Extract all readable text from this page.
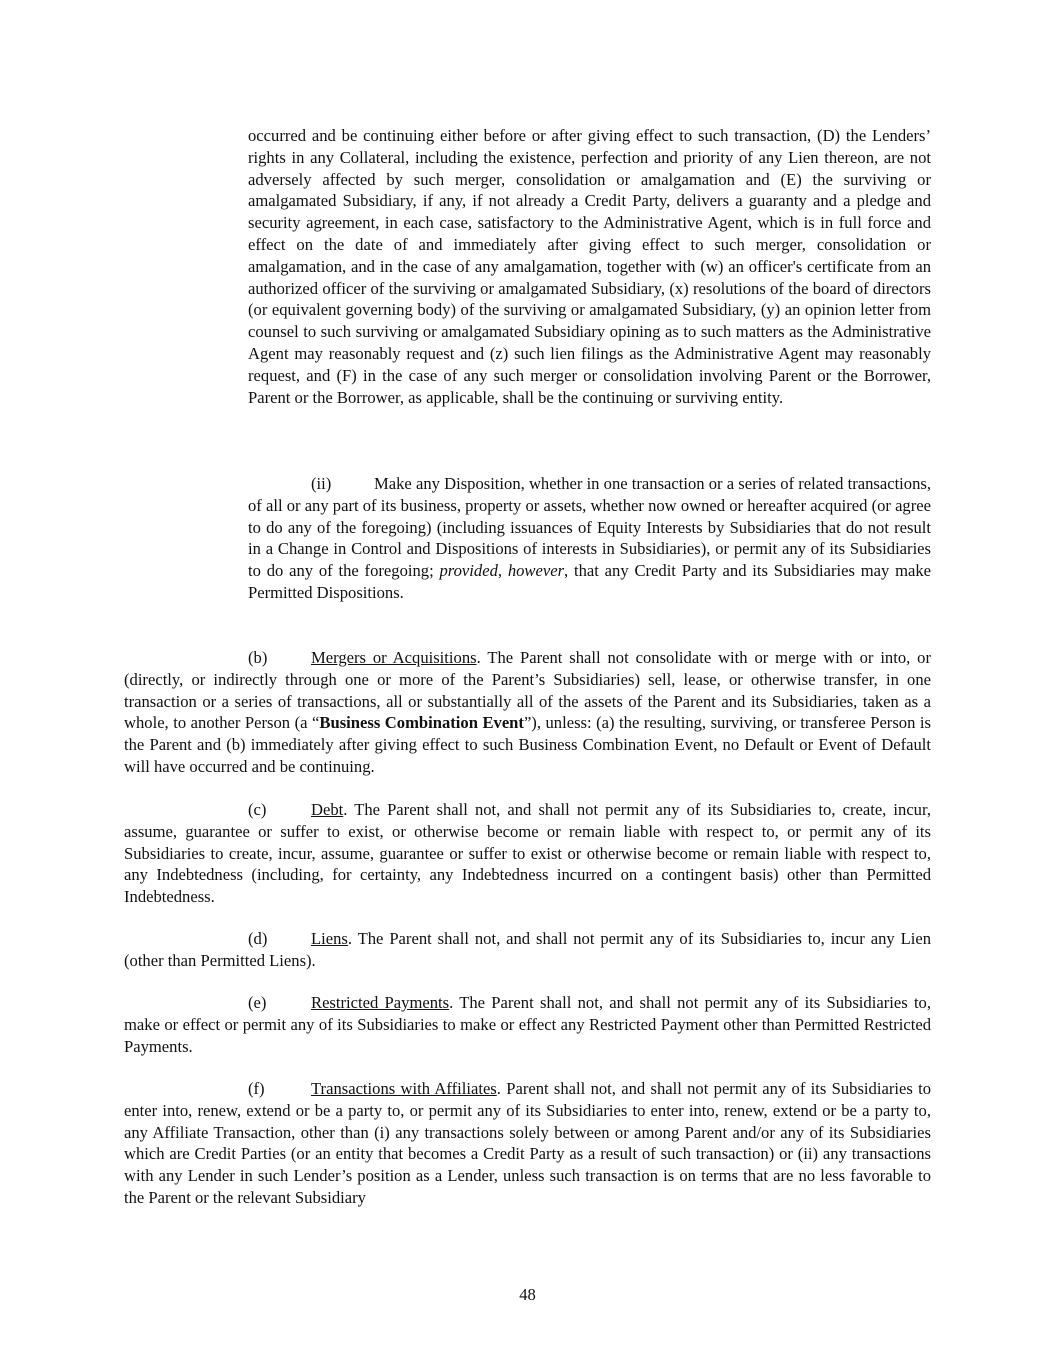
occurred and be continuing either before or after giving effect to such transaction, (D) the Lenders’ rights in any Collateral, including the existence, perfection and priority of any Lien thereon, are not adversely affected by such merger, consolidation or amalgamation and (E) the surviving or amalgamated Subsidiary, if any, if not already a Credit Party, delivers a guaranty and a pledge and security agreement, in each case, satisfactory to the Administrative Agent, which is in full force and effect on the date of and immediately after giving effect to such merger, consolidation or amalgamation, and in the case of any amalgamation, together with (w) an officer's certificate from an authorized officer of the surviving or amalgamated Subsidiary, (x) resolutions of the board of directors (or equivalent governing body) of the surviving or amalgamated Subsidiary, (y) an opinion letter from counsel to such surviving or amalgamated Subsidiary opining as to such matters as the Administrative Agent may reasonably request and (z) such lien filings as the Administrative Agent may reasonably request, and (F) in the case of any such merger or consolidation involving Parent or the Borrower, Parent or the Borrower, as applicable, shall be the continuing or surviving entity.

(ii)	Make any Disposition, whether in one transaction or a series of related transactions, of all or any part of its business, property or assets, whether now owned or hereafter acquired (or agree to do any of the foregoing) (including issuances of Equity Interests by Subsidiaries that do not result in a Change in Control and Dispositions of interests in Subsidiaries), or permit any of its Subsidiaries to do any of the foregoing; provided, however, that any Credit Party and its Subsidiaries may make Permitted Dispositions.

(b)	Mergers or Acquisitions. The Parent shall not consolidate with or merge with or into, or (directly, or indirectly through one or more of the Parent’s Subsidiaries) sell, lease, or otherwise transfer, in one transaction or a series of transactions, all or substantially all of the assets of the Parent and its Subsidiaries, taken as a whole, to another Person (a “Business Combination Event”), unless: (a) the resulting, surviving, or transferee Person is the Parent and (b) immediately after giving effect to such Business Combination Event, no Default or Event of Default will have occurred and be continuing.

(c)	Debt. The Parent shall not, and shall not permit any of its Subsidiaries to, create, incur, assume, guarantee or suffer to exist, or otherwise become or remain liable with respect to, or permit any of its Subsidiaries to create, incur, assume, guarantee or suffer to exist or otherwise become or remain liable with respect to, any Indebtedness (including, for certainty, any Indebtedness incurred on a contingent basis) other than Permitted Indebtedness.

(d)	Liens. The Parent shall not, and shall not permit any of its Subsidiaries to, incur any Lien (other than Permitted Liens).

(e)	Restricted Payments. The Parent shall not, and shall not permit any of its Subsidiaries to, make or effect or permit any of its Subsidiaries to make or effect any Restricted Payment other than Permitted Restricted Payments.

(f)	Transactions with Affiliates. Parent shall not, and shall not permit any of its Subsidiaries to enter into, renew, extend or be a party to, or permit any of its Subsidiaries to enter into, renew, extend or be a party to, any Affiliate Transaction, other than (i) any transactions solely between or among Parent and/or any of its Subsidiaries which are Credit Parties (or an entity that becomes a Credit Party as a result of such transaction) or (ii) any transactions with any Lender in such Lender’s position as a Lender, unless such transaction is on terms that are no less favorable to the Parent or the relevant Subsidiary

48
